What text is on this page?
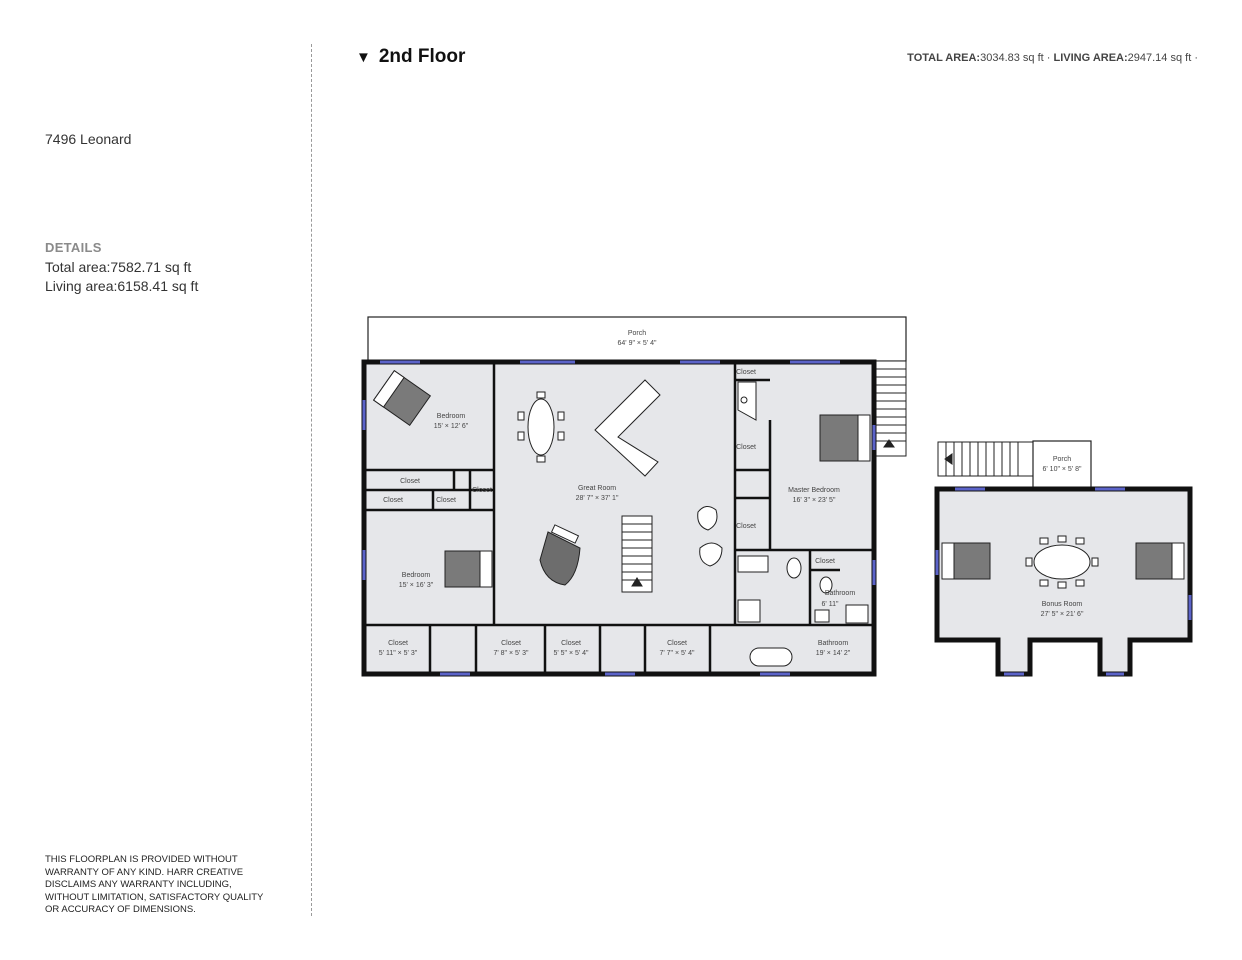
7496 Leonard
DETAILS
Total area:7582.71 sq ft
Living area:6158.41 sq ft
THIS FLOORPLAN IS PROVIDED WITHOUT WARRANTY OF ANY KIND. HARR CREATIVE DISCLAIMS ANY WARRANTY INCLUDING, WITHOUT LIMITATION, SATISFACTORY QUALITY OR ACCURACY OF DIMENSIONS.
▼ 2nd Floor	TOTAL AREA:3034.83 sq ft · LIVING AREA:2947.14 sq ft ·
Porch
64' 9" × 5' 4"
Bedroom
15' × 12' 6"
Great Room
28' 7" × 37' 1"
Master Bedroom
16' 3" × 23' 5"
Bedroom
15' × 16' 3"
Closet
Closet
Closet
Closet
Closet	Closet
Closet
Closet
Bathroom
6' 11"
Closet
5' 11" × 5' 3"
Closet
7' 8" × 5' 3"
Closet
5' 5" × 5' 4"
Closet
7' 7" × 5' 4"
Bathroom
19' × 14' 2"
Porch
6' 10" × 5' 8"
Bonus Room
27' 5" × 21' 6"
